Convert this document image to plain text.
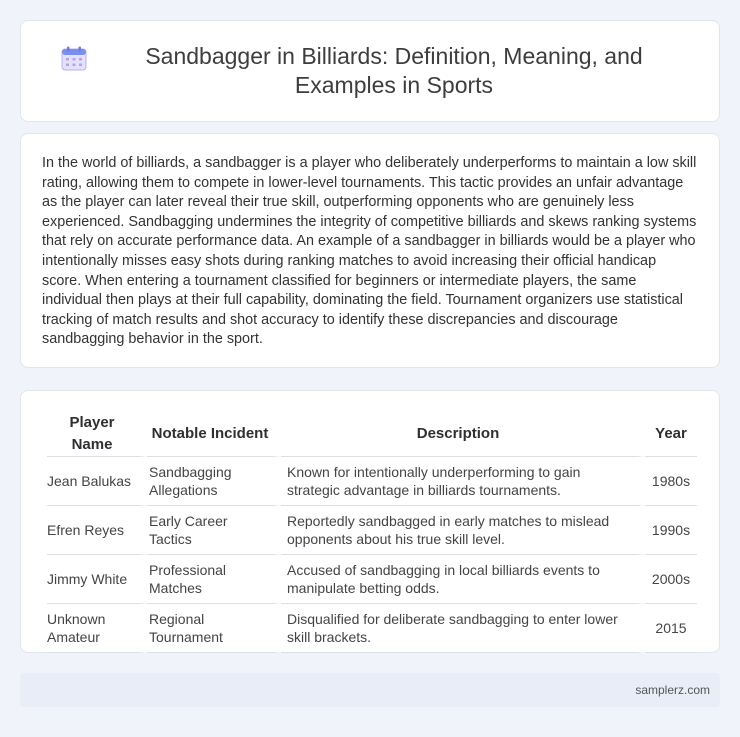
Sandbagger in Billiards: Definition, Meaning, and Examples in Sports

In the world of billiards, a sandbagger is a player who deliberately underperforms to maintain a low skill rating, allowing them to compete in lower-level tournaments. This tactic provides an unfair advantage as the player can later reveal their true skill, outperforming opponents who are genuinely less experienced. Sandbagging undermines the integrity of competitive billiards and skews ranking systems that rely on accurate performance data. An example of a sandbagger in billiards would be a player who intentionally misses easy shots during ranking matches to avoid increasing their official handicap score. When entering a tournament classified for beginners or intermediate players, the same individual then plays at their full capability, dominating the field. Tournament organizers use statistical tracking of match results and shot accuracy to identify these discrepancies and discourage sandbagging behavior in the sport.

Player Name	Notable Incident	Description	Year
Jean Balukas	Sandbagging Allegations	Known for intentionally underperforming to gain strategic advantage in billiards tournaments.	1980s
Efren Reyes	Early Career Tactics	Reportedly sandbagged in early matches to mislead opponents about his true skill level.	1990s
Jimmy White	Professional Matches	Accused of sandbagging in local billiards events to manipulate betting odds.	2000s
Unknown Amateur	Regional Tournament	Disqualified for deliberate sandbagging to enter lower skill brackets.	2015
samplerz.com
